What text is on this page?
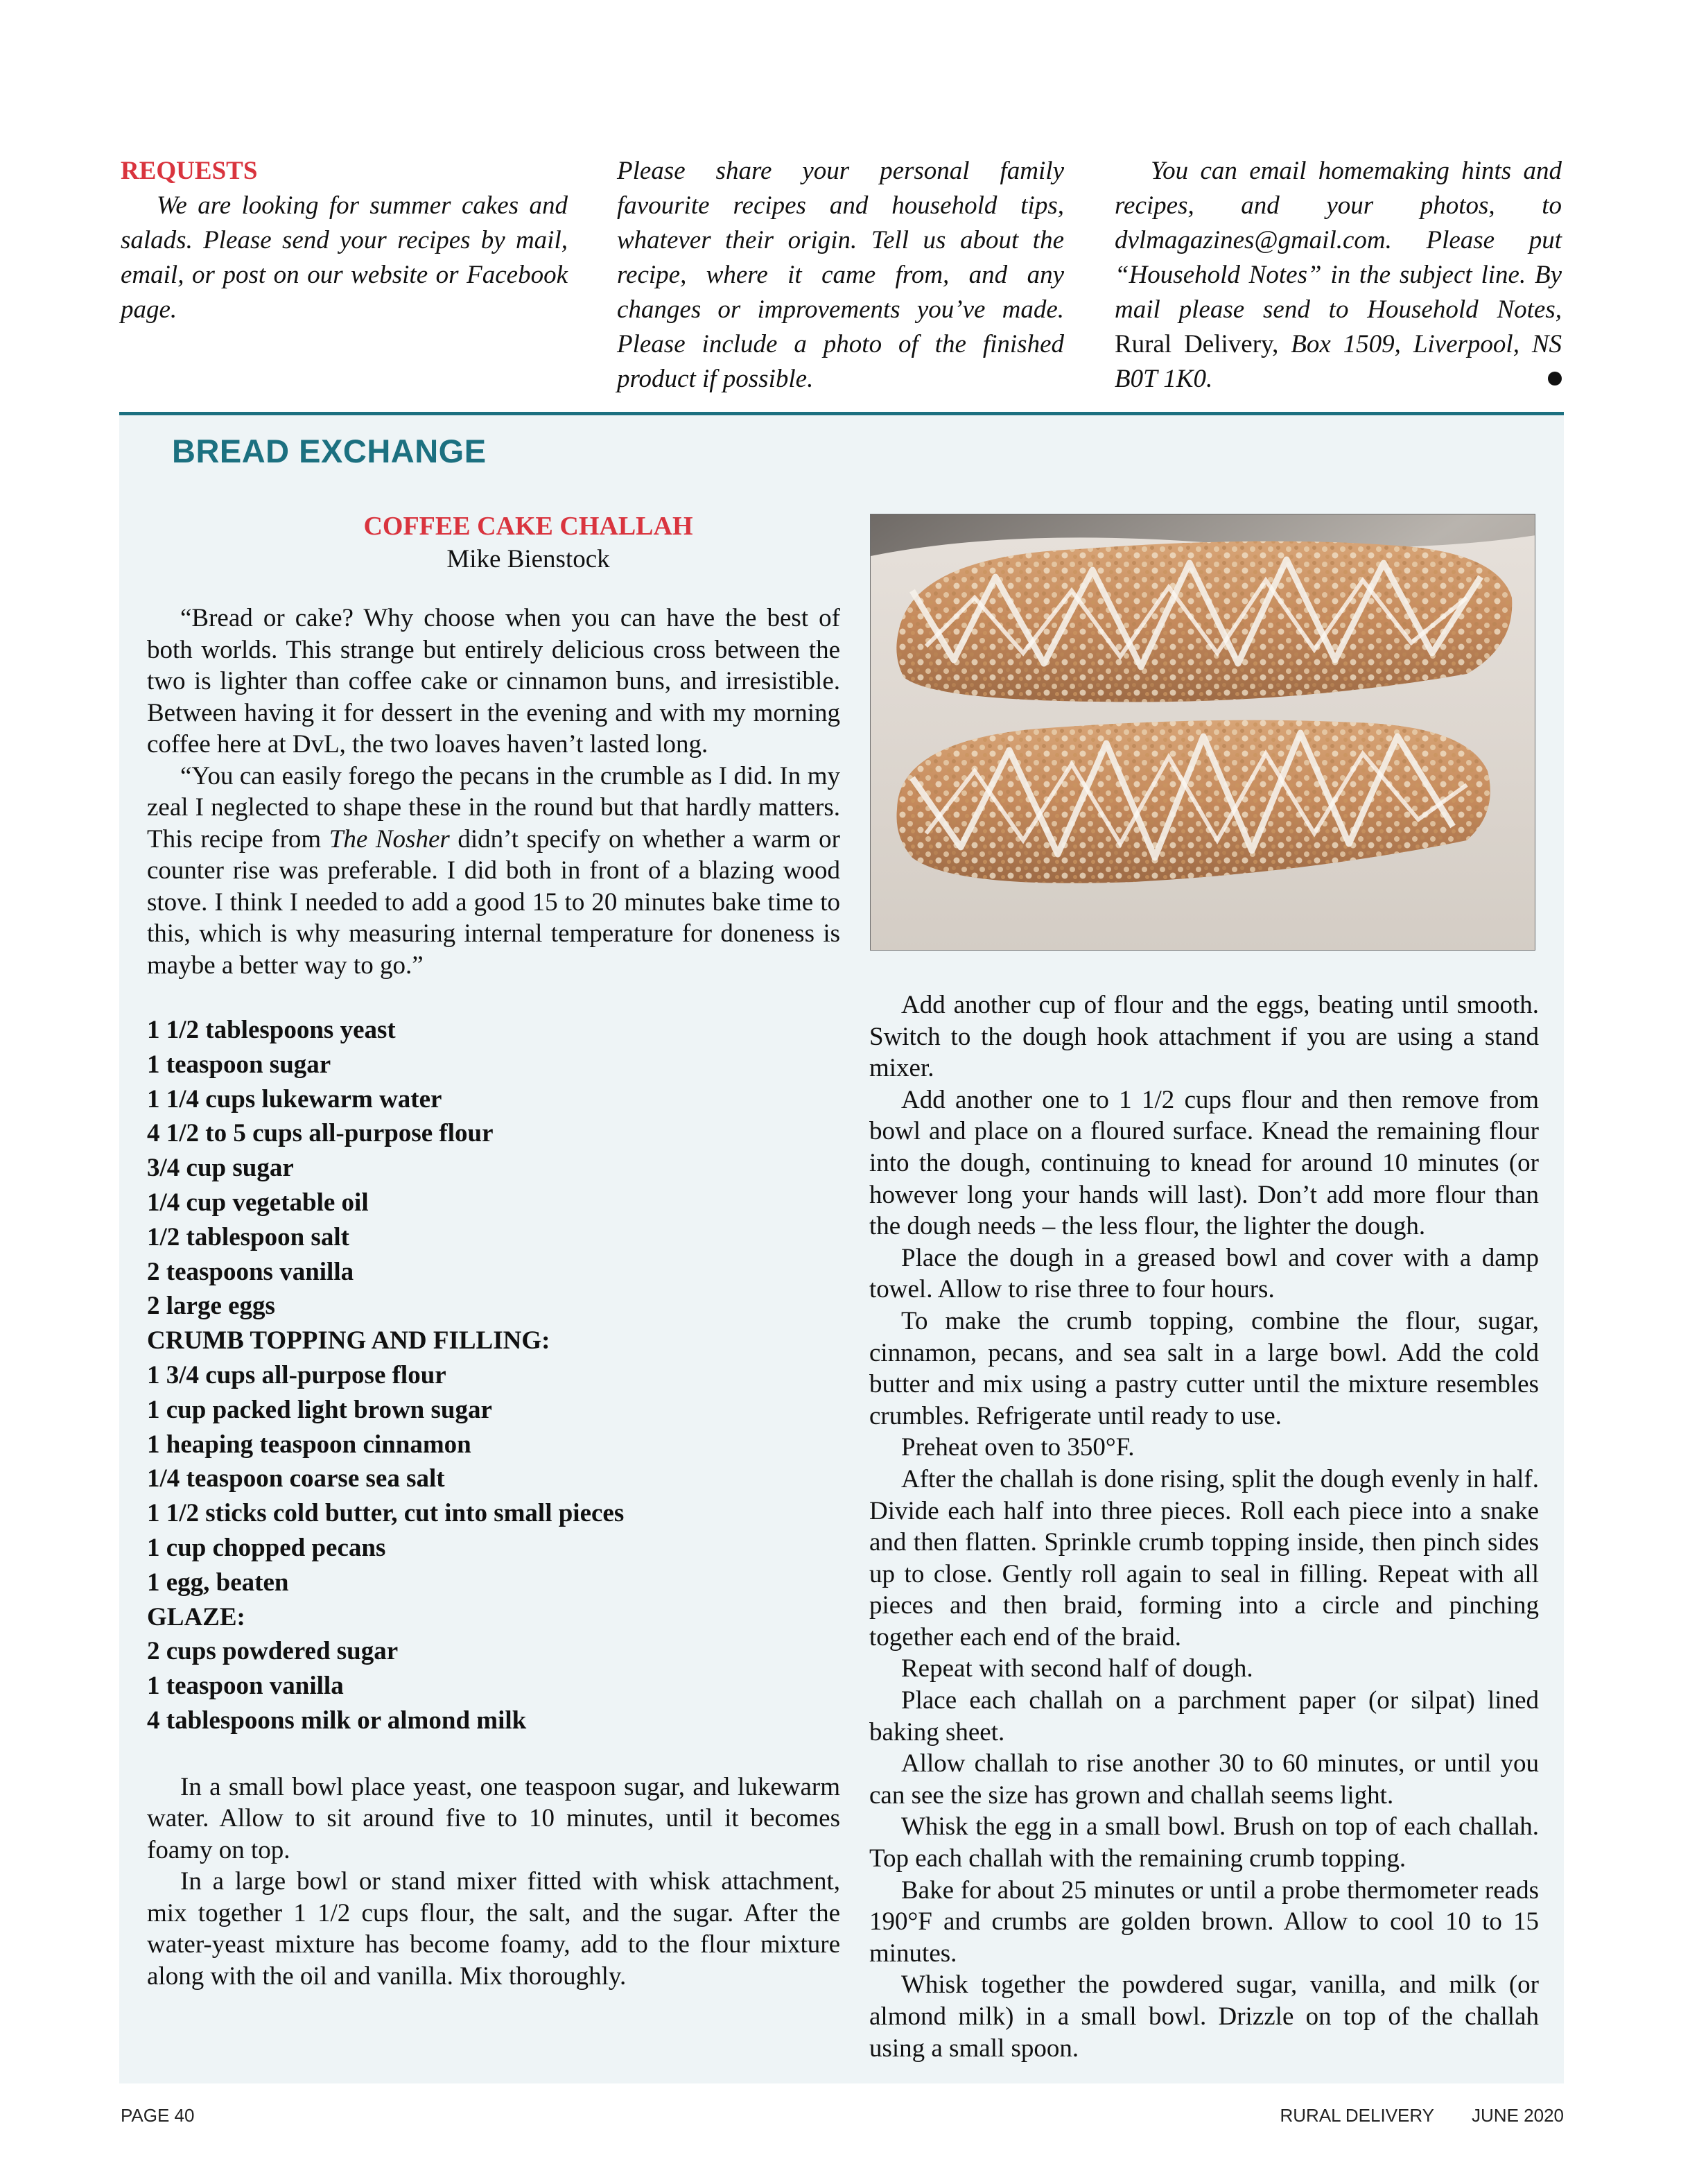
REQUESTS

We are looking for summer cakes and salads. Please send your recipes by mail, email, or post on our website or Facebook page.

Please share your personal family favourite recipes and household tips, whatever their origin. Tell us about the recipe, where it came from, and any changes or improvements you’ve made. Please include a photo of the finished product if possible.

You can email homemaking hints and recipes, and your photos, to dvlmagazines@gmail.com. Please put “Household Notes” in the subject line. By mail please send to Household Notes, Rural Delivery, Box 1509, Liverpool, NS B0T 1K0.

BREAD EXCHANGE
COFFEE CAKE CHALLAH
Mike Bienstock

“Bread or cake? Why choose when you can have the best of both worlds. This strange but entirely delicious cross between the two is lighter than coffee cake or cinnamon buns, and irresistible. Between having it for dessert in the evening and with my morning coffee here at DvL, the two loaves haven’t lasted long.

“You can easily forego the pecans in the crumble as I did. In my zeal I neglected to shape these in the round but that hardly matters. This recipe from The Nosher didn’t specify on whether a warm or counter rise was preferable. I did both in front of a blazing wood stove. I think I needed to add a good 15 to 20 minutes bake time to this, which is why measuring internal temperature for doneness is maybe a better way to go.”

1 1/2 tablespoons yeast
1 teaspoon sugar
1 1/4 cups lukewarm water
4 1/2 to 5 cups all-purpose flour
3/4 cup sugar
1/4 cup vegetable oil
1/2 tablespoon salt
2 teaspoons vanilla
2 large eggs
CRUMB TOPPING AND FILLING:
1 3/4 cups all-purpose flour
1 cup packed light brown sugar
1 heaping teaspoon cinnamon
1/4 teaspoon coarse sea salt
1 1/2 sticks cold butter, cut into small pieces
1 cup chopped pecans
1 egg, beaten
GLAZE:
2 cups powdered sugar
1 teaspoon vanilla
4 tablespoons milk or almond milk

In a small bowl place yeast, one teaspoon sugar, and lukewarm water. Allow to sit around five to 10 minutes, until it becomes foamy on top.

In a large bowl or stand mixer fitted with whisk attachment, mix together 1 1/2 cups flour, the salt, and the sugar. After the water-yeast mixture has become foamy, add to the flour mixture along with the oil and vanilla. Mix thoroughly.

Add another cup of flour and the eggs, beating until smooth. Switch to the dough hook attachment if you are using a stand mixer.

Add another one to 1 1/2 cups flour and then remove from bowl and place on a floured surface. Knead the remaining flour into the dough, continuing to knead for around 10 minutes (or however long your hands will last). Don’t add more flour than the dough needs – the less flour, the lighter the dough.

Place the dough in a greased bowl and cover with a damp towel. Allow to rise three to four hours.

To make the crumb topping, combine the flour, sugar, cinnamon, pecans, and sea salt in a large bowl. Add the cold butter and mix using a pastry cutter until the mixture resembles crumbles. Refrigerate until ready to use.

Preheat oven to 350°F.

After the challah is done rising, split the dough evenly in half. Divide each half into three pieces. Roll each piece into a snake and then flatten. Sprinkle crumb topping inside, then pinch sides up to close. Gently roll again to seal in filling. Repeat with all pieces and then braid, forming into a circle and pinching together each end of the braid.

Repeat with second half of dough.

Place each challah on a parchment paper (or silpat) lined baking sheet.

Allow challah to rise another 30 to 60 minutes, or until you can see the size has grown and challah seems light.

Whisk the egg in a small bowl. Brush on top of each challah. Top each challah with the remaining crumb topping.

Bake for about 25 minutes or until a probe thermometer reads 190°F and crumbs are golden brown. Allow to cool 10 to 15 minutes.

Whisk together the powdered sugar, vanilla, and milk (or almond milk) in a small bowl. Drizzle on top of the challah using a small spoon.

PAGE 40	RURAL DELIVERY JUNE 2020
